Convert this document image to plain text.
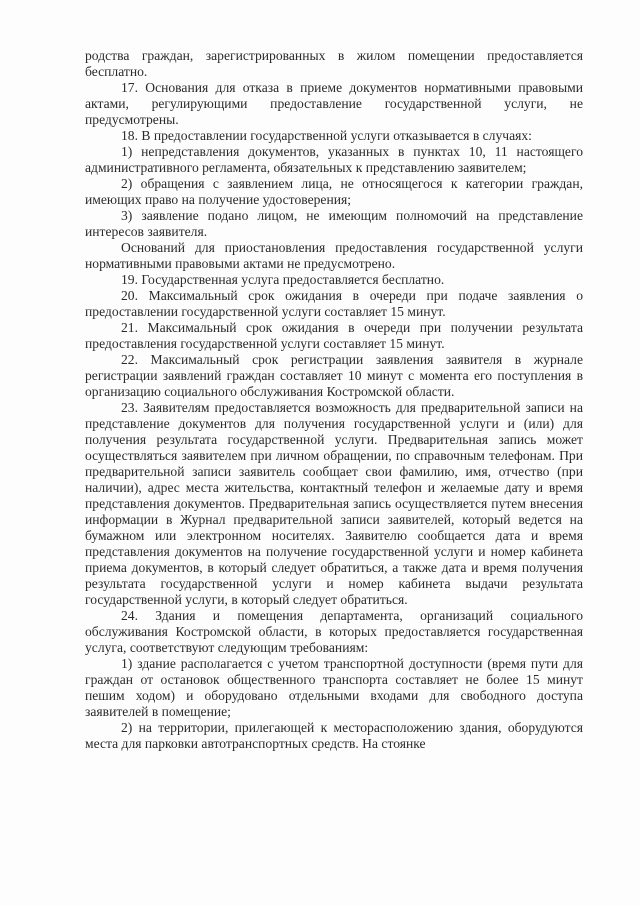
родства граждан, зарегистрированных в жилом помещении предоставляется бесплатно.

17. Основания для отказа в приеме документов нормативными правовыми актами, регулирующими предоставление государственной услуги, не предусмотрены.

18. В предоставлении государственной услуги отказывается в случаях:

1) непредставления документов, указанных в пунктах 10, 11 настоящего административного регламента, обязательных к представлению заявителем;

2) обращения с заявлением лица, не относящегося к категории граждан, имеющих право на получение удостоверения;

3) заявление подано лицом, не имеющим полномочий на представление интересов заявителя.

Оснований для приостановления предоставления государственной услуги нормативными правовыми актами не предусмотрено.

19. Государственная услуга предоставляется бесплатно.

20. Максимальный срок ожидания в очереди при подаче заявления о предоставлении государственной услуги составляет 15 минут.

21. Максимальный срок ожидания в очереди при получении результата предоставления государственной услуги составляет 15 минут.

22. Максимальный срок регистрации заявления заявителя в журнале регистрации заявлений граждан составляет 10 минут с момента его поступления в организацию социального обслуживания Костромской области.

23. Заявителям предоставляется возможность для предварительной записи на представление документов для получения государственной услуги и (или) для получения результата государственной услуги. Предварительная запись может осуществляться заявителем при личном обращении, по справочным телефонам. При предварительной записи заявитель сообщает свои фамилию, имя, отчество (при наличии), адрес места жительства, контактный телефон и желаемые дату и время представления документов. Предварительная запись осуществляется путем внесения информации в Журнал предварительной записи заявителей, который ведется на бумажном или электронном носителях. Заявителю сообщается дата и время представления документов на получение государственной услуги и номер кабинета приема документов, в который следует обратиться, а также дата и время получения результата государственной услуги и номер кабинета выдачи результата государственной услуги, в который следует обратиться.

24. Здания и помещения департамента, организаций социального обслуживания Костромской области, в которых предоставляется государственная услуга, соответствуют следующим требованиям:

1) здание располагается с учетом транспортной доступности (время пути для граждан от остановок общественного транспорта составляет не более 15 минут пешим ходом) и оборудовано отдельными входами для свободного доступа заявителей в помещение;

2) на территории, прилегающей к месторасположению здания, оборудуются места для парковки автотранспортных средств. На стоянке
